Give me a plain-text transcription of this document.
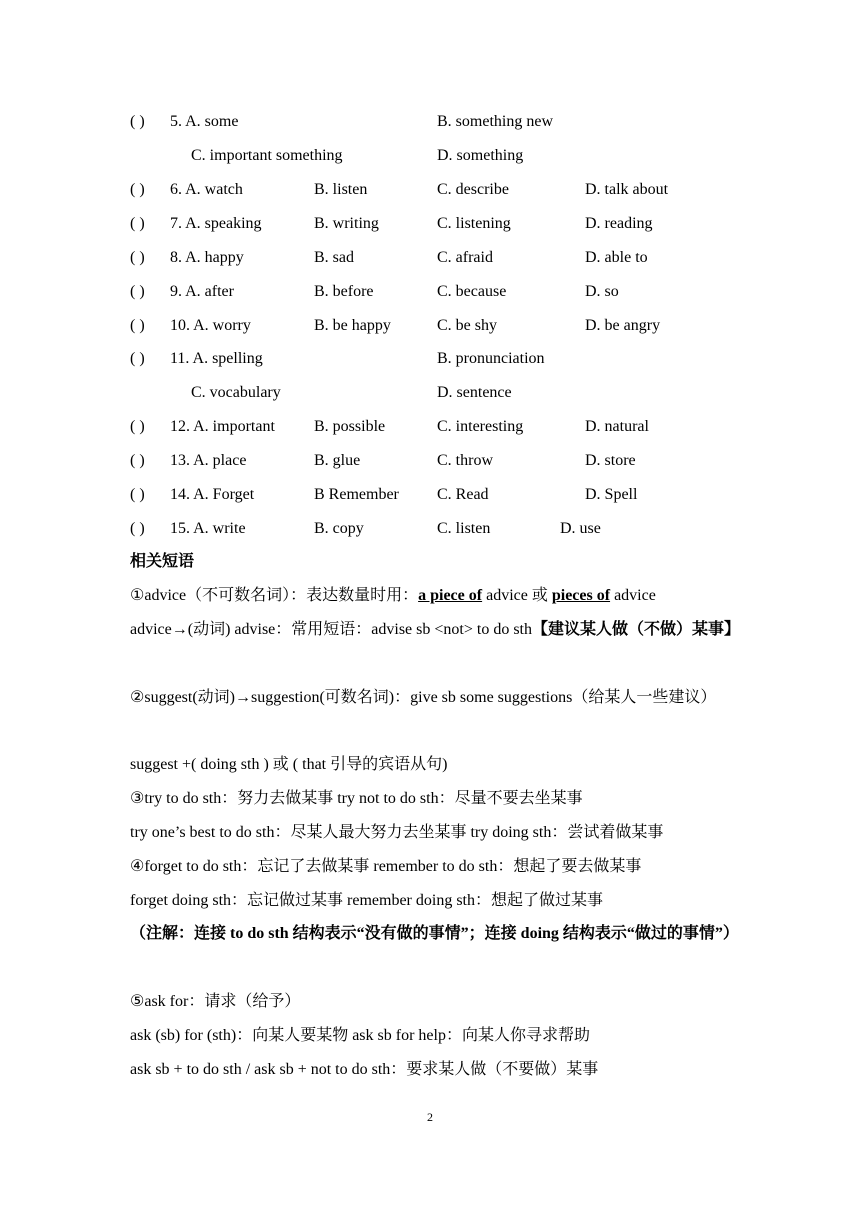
( ) 5. A. some	B. something new
C. important something	D. something
( ) 6. A. watch	B. listen	C. describe	D. talk about
( ) 7. A. speaking	B. writing	C. listening	D. reading
( ) 8. A. happy	B. sad	C. afraid	D. able to
( ) 9. A. after	B. before	C. because	D. so
( ) 10. A. worry	B. be happy	C. be shy	D. be angry
( ) 11. A. spelling	B. pronunciation
C. vocabulary	D. sentence
( ) 12. A. important B. possible	C. interesting	D. natural
( ) 13. A. place	B. glue	C. throw	D. store
( ) 14. A. Forget	B Remember C. Read	D. Spell
( ) 15. A. write	B. copy	C. listen	D. use
相关短语
①advice（不可数名词）：表达数量时用：a piece of advice 或 pieces of advice
advice→(动词) advise：常用短语：advise sb <not> to do sth【建议某人做（不做）某事】
②suggest(动词)→suggestion(可数名词)：give sb some suggestions（给某人一些建议）
suggest +( doing sth ) 或 ( that 引导的宾语从句)
③try to do sth：努力去做某事 try not to do sth：尽量不要去坐某事
try one’s best to do sth：尽某人最大努力去坐某事 try doing sth：尝试着做某事
④forget to do sth：忘记了去做某事 remember to do sth：想起了要去做某事
forget doing sth：忘记做过某事 remember doing sth：想起了做过某事
（注解：连接 to do sth 结构表示“没有做的事情”；连接 doing 结构表示“做过的事情”）
⑤ask for：请求（给予）
ask (sb) for (sth)：向某人要某物 ask sb for help：向某人你寻求帮助
ask sb + to do sth / ask sb + not to do sth：要求某人做（不要做）某事
2
